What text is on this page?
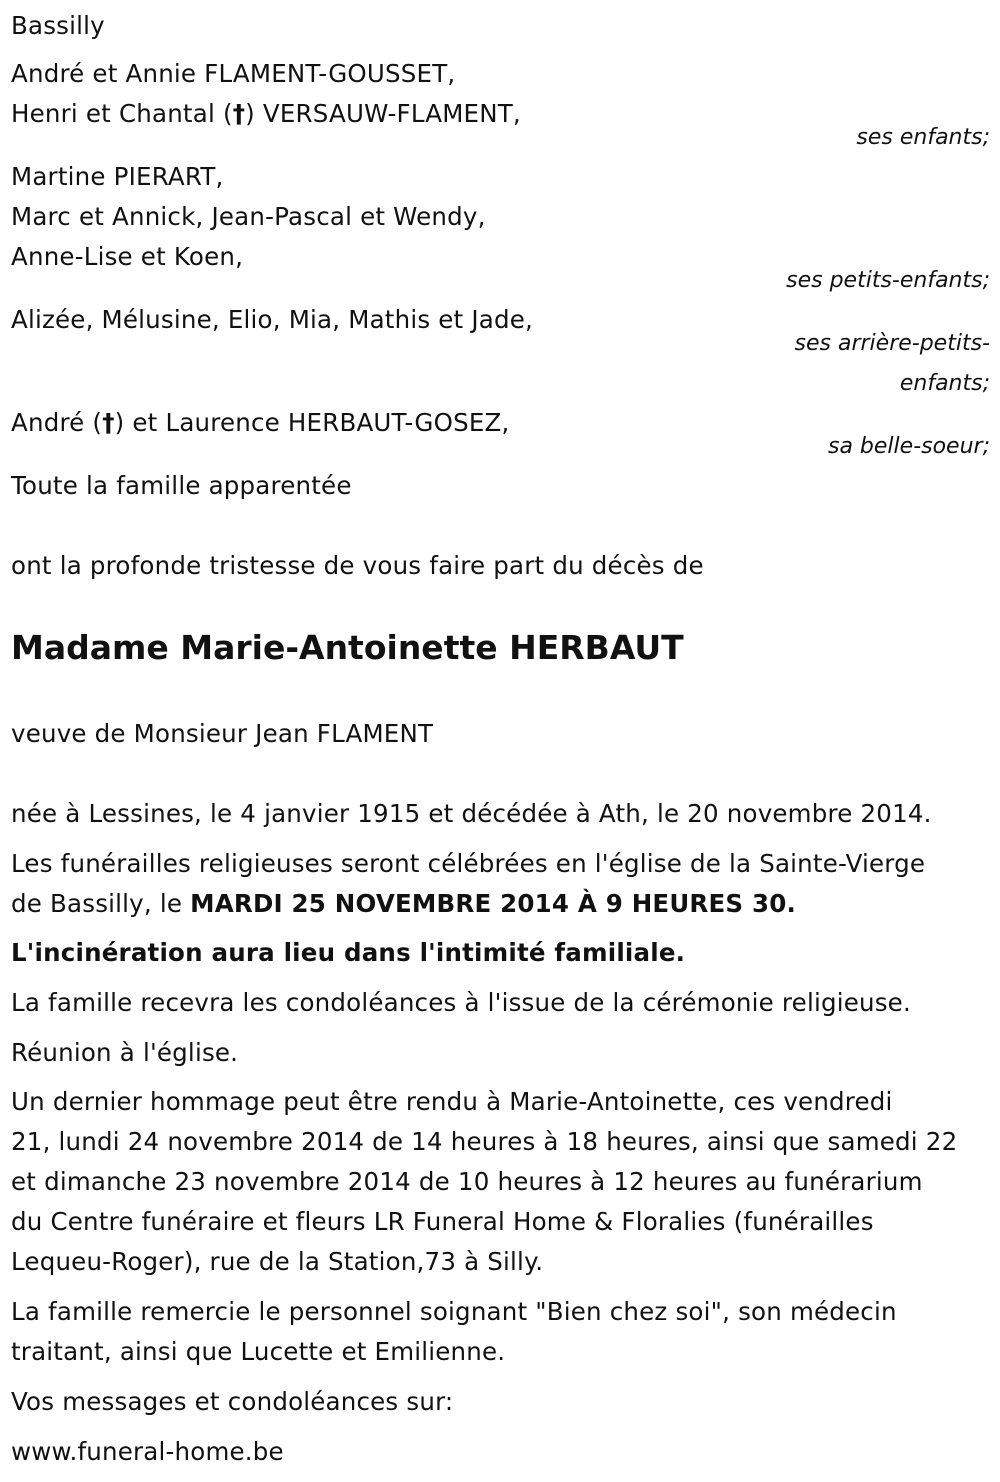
Bassilly

André et Annie FLAMENT-GOUSSET,

Henri et Chantal (†) VERSAUW-FLAMENT,

ses enfants;

Martine PIERART,

Marc et Annick, Jean-Pascal et Wendy,

Anne-Lise et Koen,

ses petits-enfants;

Alizée, Mélusine, Elio, Mia, Mathis et Jade,

ses arrière-petits-

enfants;

André (†) et Laurence HERBAUT-GOSEZ,

sa belle-soeur;

Toute la famille apparentée

ont la profonde tristesse de vous faire part du décès de

Madame Marie-Antoinette HERBAUT

veuve de Monsieur Jean FLAMENT

née à Lessines, le 4 janvier 1915 et décédée à Ath, le 20 novembre 2014.

Les funérailles religieuses seront célébrées en l'église de la Sainte-Vierge

de Bassilly, le MARDI 25 NOVEMBRE 2014 À 9 HEURES 30.

L'incinération aura lieu dans l'intimité familiale.

La famille recevra les condoléances à l'issue de la cérémonie religieuse.

Réunion à l'église.

Un dernier hommage peut être rendu à Marie-Antoinette, ces vendredi

21, lundi 24 novembre 2014 de 14 heures à 18 heures, ainsi que samedi 22

et dimanche 23 novembre 2014 de 10 heures à 12 heures au funérarium

du Centre funéraire et fleurs LR Funeral Home & Floralies (funérailles

Lequeu-Roger), rue de la Station,73 à Silly.

La famille remercie le personnel soignant "Bien chez soi", son médecin

traitant, ainsi que Lucette et Emilienne.

Vos messages et condoléances sur:

www.funeral-home.be
